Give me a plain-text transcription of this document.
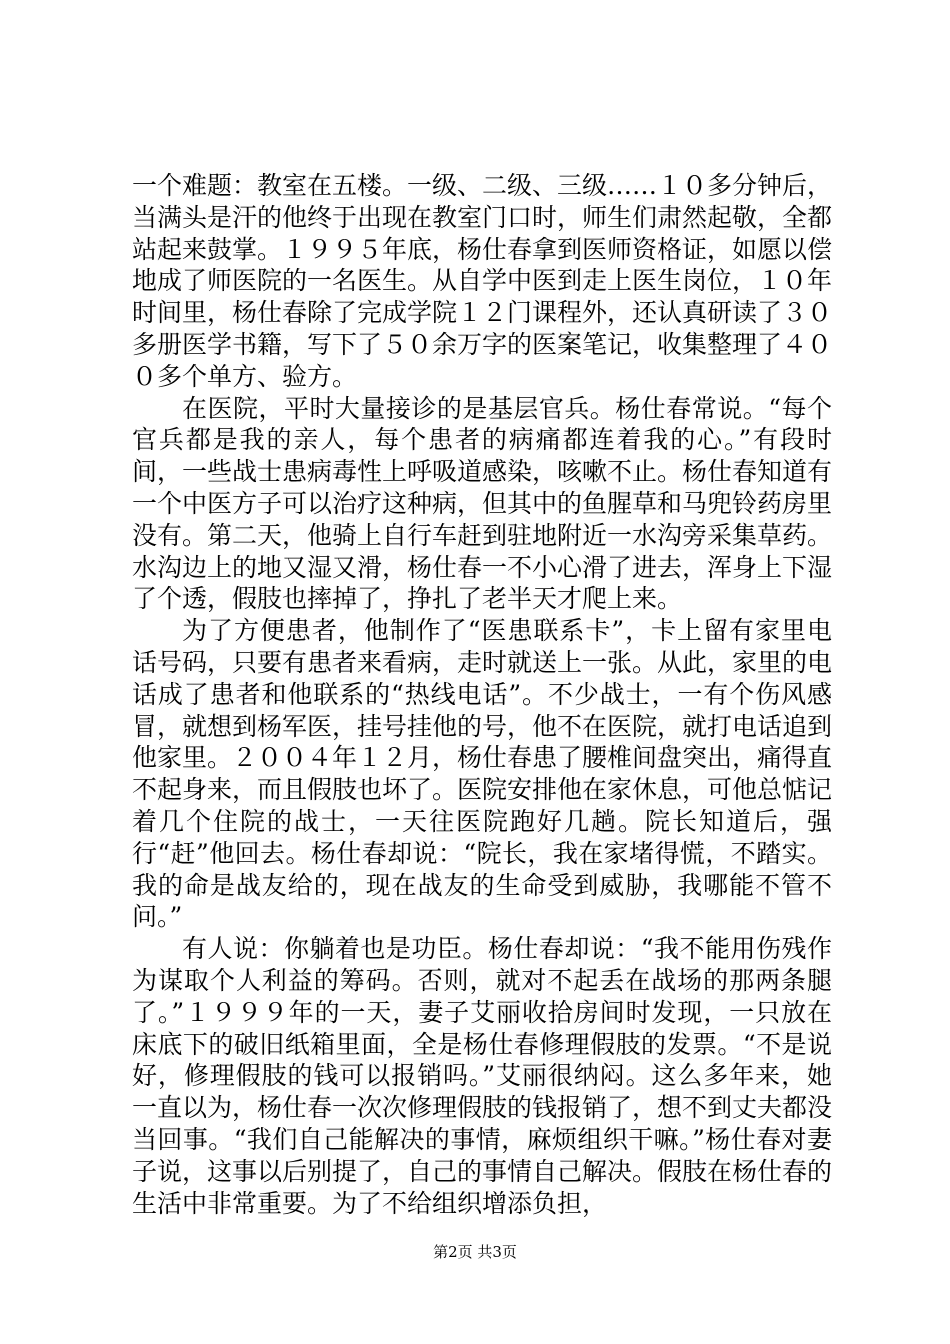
一个难题：教室在五楼。一级、二级、三级……１０多分钟后，当满头是汗的他终于出现在教室门口时，师生们肃然起敬，全都站起来鼓掌。１９９５年底，杨仕春拿到医师资格证，如愿以偿地成了师医院的一名医生。从自学中医到走上医生岗位，１０年时间里，杨仕春除了完成学院１２门课程外，还认真研读了３０多册医学书籍，写下了５０余万字的医案笔记，收集整理了４００多个单方、验方。

在医院，平时大量接诊的是基层官兵。杨仕春常说。“每个官兵都是我的亲人，每个患者的病痛都连着我的心。”有段时间，一些战士患病毒性上呼吸道感染，咳嗽不止。杨仕春知道有一个中医方子可以治疗这种病，但其中的鱼腥草和马兜铃药房里没有。第二天，他骑上自行车赶到驻地附近一水沟旁采集草药。水沟边上的地又湿又滑，杨仕春一不小心滑了进去，浑身上下湿了个透，假肢也摔掉了，挣扎了老半天才爬上来。

为了方便患者，他制作了“医患联系卡”，卡上留有家里电话号码，只要有患者来看病，走时就送上一张。从此，家里的电话成了患者和他联系的“热线电话”。不少战士，一有个伤风感冒，就想到杨军医，挂号挂他的号，他不在医院，就打电话追到他家里。２００４年１２月，杨仕春患了腰椎间盘突出，痛得直不起身来，而且假肢也坏了。医院安排他在家休息，可他总惦记着几个住院的战士，一天往医院跑好几趟。院长知道后，强行“赶”他回去。杨仕春却说：“院长，我在家堵得慌，不踏实。我的命是战友给的，现在战友的生命受到威胁，我哪能不管不问。”

有人说：你躺着也是功臣。杨仕春却说：“我不能用伤残作为谋取个人利益的筹码。否则，就对不起丢在战场的那两条腿了。”１９９９年的一天，妻子艾丽收拾房间时发现，一只放在床底下的破旧纸箱里面，全是杨仕春修理假肢的发票。“不是说好，修理假肢的钱可以报销吗。”艾丽很纳闷。这么多年来，她一直以为，杨仕春一次次修理假肢的钱报销了，想不到丈夫都没当回事。“我们自己能解决的事情，麻烦组织干嘛。”杨仕春对妻子说，这事以后别提了，自己的事情自己解决。假肢在杨仕春的生活中非常重要。为了不给组织增添负担，

第2页 共3页
